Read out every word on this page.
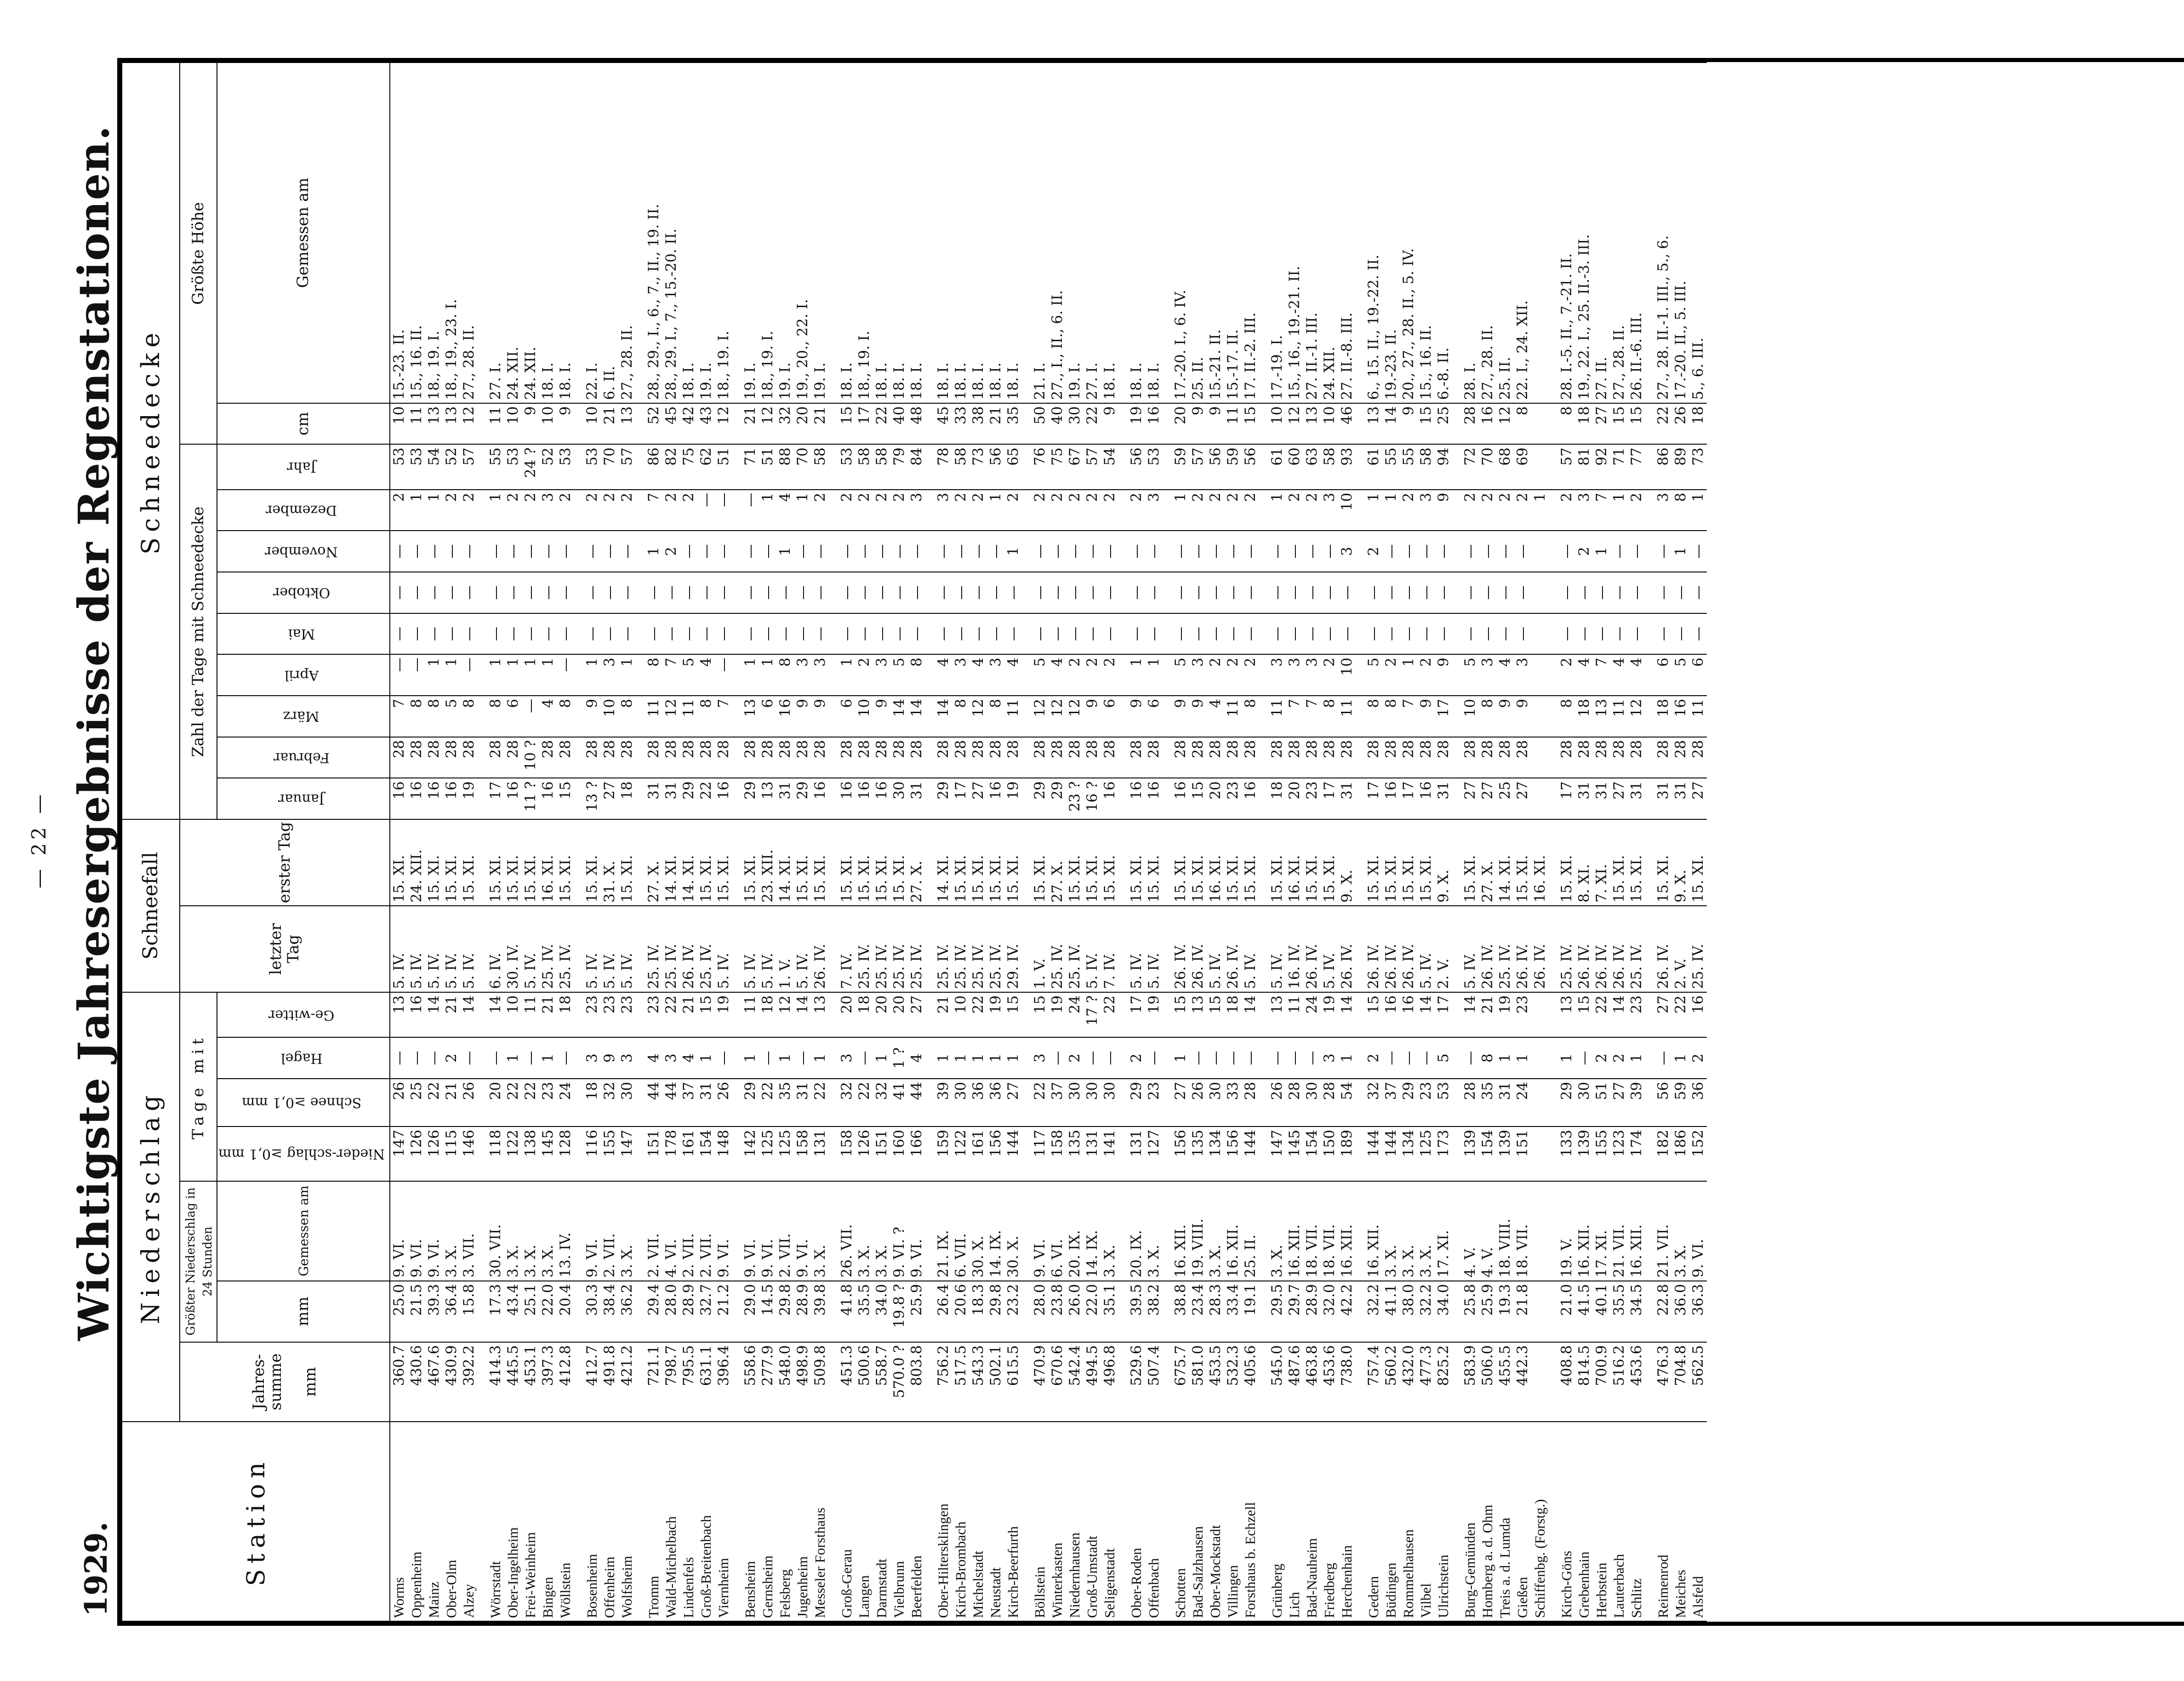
— 22 —
1929.
Wichtigste Jahresergebnisse der Regenstationen.
Station	Niederschlag							Schneefall		Schneedecke										
	Jahres-summe mm	Größter Niederschlag in 24 Stunden		Tage mit				letzter Tag	erster Tag	Zahl der Tage mit Schneedecke									Größte Höhe	
		mm	Gemessen am	Nieder-schlag ≥0,1 mm	Schnee ≥0,1 mm	Hagel	Ge-witter			Januar	Februar	März	April	Mai	Oktober	November	Dezember	Jahr	cm	Gemessen am
Worms	360.7	25.0	9. VI.	147	26	—	13	5. IV.	15. XI.	16	28	7	—	—	—	—	2	53	10	15.-23. II.
Oppenheim	430.6	21.5	9. VI.	126	25	—	16	5. IV.	24. XII.	16	28	8	—	—	—	—	1	53	11	15., 16. II.
Mainz	467.6	39.3	9. VI.	126	22	—	14	5. IV.	15. XI.	16	28	8	1	—	—	—	1	54	13	18., 19. I.
Ober-Olm	430.9	36.4	3. X.	115	21	2	21	5. IV.	15. XI.	16	28	5	1	—	—	—	2	52	13	18., 19., 23. I.
Alzey	392.2	15.8	3. VII.	146	26	—	14	5. IV.	15. XI.	19	28	8	—	—	—	—	2	57	12	27., 28. II.

Wörrstadt	414.3	17.3	30. VII.	118	20	—	14	6. IV.	15. XI.	17	28	8	1	—	—	—	1	55	11	27. I.
Ober-Ingelheim	445.5	43.4	3. X.	122	22	1	10	30. IV.	15. XI.	16	28	6	1	—	—	—	2	53	10	24. XII.
Frei-Weinheim	453.1	25.1	3. X.	138	22	—	11	5. IV.	15. XI.	11 ?	10 ?	—	1	—	—	—	2	24 ?	9	24. XII.
Bingen	397.3	22.0	3. X.	145	23	1	21	25. IV.	16. XI.	16	28	4	1	—	—	—	3	52	10	18. I.
Wöllstein	412.8	20.4	13. IV.	128	24	—	18	25. IV.	15. XI.	15	28	8	—	—	—	—	2	53	9	18. I.

Bosenheim	412.7	30.3	9. VI.	116	18	3	23	5. IV.	15. XI.	13 ?	28	9	1	—	—	—	2	53	10	22. I.
Offenheim	491.8	38.4	2. VII.	155	32	9	23	5. IV.	31. X.	27	28	10	3	—	—	—	2	70	21	6. II.
Wolfsheim	421.2	36.2	3. X.	147	30	3	23	5. IV.	15. XI.	18	28	8	1	—	—	—	2	57	13	27., 28. II.

Tromm	721.1	29.4	2. VII.	151	44	4	23	25. IV.	27. X.	31	28	11	8	—	—	1	7	86	52	28., 29., I., 6., 7., II., 19. II.
Wald-Michelbach	798.7	28.0	4. VI.	178	44	3	22	25. IV.	14. XI.	31	28	12	7	—	—	2	2	82	45	28., 29. I., 7., 15.-20. II.
Lindenfels	795.5	28.9	2. VII.	161	37	4	21	26. IV.	14. XI.	29	28	11	5	—	—	—	2	75	42	18. I.
Groß-Breitenbach	631.1	32.7	2. VII.	154	31	1	15	25. IV.	15. XI.	22	28	8	4	—	—	—	—	62	43	19. I.
Viernheim	396.4	21.2	9. VI.	148	26	—	19	5. IV.	15. XI.	16	28	7	—	—	—	—	—	51	12	18., 19. I.

Bensheim	558.6	29.0	9. VI.	142	29	1	11	5. IV.	15. XI.	29	28	13	1	—	—	—	—	71	21	19. I.
Gernsheim	277.9	14.5	9. VI.	125	22	—	18	5. IV.	23. XII.	13	28	6	1	—	—	—	1	51	12	18., 19. I.
Felsberg	548.0	29.8	2. VII.	125	35	1	12	1. V.	14. XI.	31	28	16	8	—	—	1	4	88	32	19. I.
Jugenheim	498.9	28.9	9. VI.	158	31	—	14	5. IV.	15. XI.	29	28	9	3	—	—	—	1	70	20	19., 20., 22. I.
Messeler Forsthaus	509.8	39.8	3. X.	131	22	1	13	26. IV.	15. XI.	16	28	9	3	—	—	—	2	58	21	19. I.

Groß-Gerau	451.3	41.8	26. VII.	158	32	3	20	7. IV.	15. XI.	16	28	6	1	—	—	—	2	53	15	18. I.
Langen	500.6	35.5	3. X.	126	22	—	18	25. IV.	15. XI.	16	28	10	2	—	—	—	2	58	17	18., 19. I.
Darmstadt	558.7	34.0	3. X.	151	32	1	20	25. IV.	15. XI.	16	28	9	3	—	—	—	2	58	22	18. I.
Vielbrunn	570.0 ?	19.8 ?	9. VI. ?	160	41	1 ?	20	25. IV.	15. XI.	30	28	14	5	—	—	—	2	79	40	18. I.
Beerfelden	803.8	25.9	9. VI.	166	44	4	27	25. IV.	27. X.	31	28	14	8	—	—	—	3	84	48	18. I.

Ober-Hiltersklingen	756.2	26.4	21. IX.	159	39	1	21	25. IV.	14. XI.	29	28	14	4	—	—	—	3	78	45	18. I.
Kirch-Brombach	517.5	20.6	6. VII.	122	30	1	10	25. IV.	15. XI.	17	28	8	3	—	—	—	2	58	33	18. I.
Michelstadt	543.3	18.3	30. X.	161	36	1	22	25. IV.	15. XI.	27	28	12	4	—	—	—	2	73	38	18. I.
Neustadt	502.1	29.8	14. IX.	156	36	1	19	25. IV.	15. XI.	16	28	8	3	—	—	—	1	56	21	18. I.
Kirch-Beerfurth	615.5	23.2	30. X.	144	27	1	15	29. IV.	15. XI.	19	28	11	4	—	—	1	2	65	35	18. I.

Böllstein	470.9	28.0	9. VI.	117	22	3	15	1. V.	15. XI.	29	28	12	5	—	—	—	2	76	50	21. I.
Winterkasten	670.6	23.8	6. VI.	158	37	—	19	25. IV.	27. X.	29	28	12	4	—	—	—	2	75	40	27., I., II., 6. II.
Niedernhausen	542.4	26.0	20. IX.	135	30	2	24	25. IV.	15. XI.	23 ?	28	12	2	—	—	—	2	67	30	19. I.
Groß-Umstadt	494.5	22.0	14. IX.	131	30	—	17 ?	5. IV.	15. XI.	16 ?	28	9	2	—	—	—	2	57	22	27. I.
Seligenstadt	496.8	35.1	3. X.	141	30	—	22	7. IV.	15. XI.	16	28	6	2	—	—	—	2	54	9	18. I.

Ober-Roden	529.6	39.5	20. IX.	131	29	2	17	5. IV.	15. XI.	16	28	9	1	—	—	—	2	56	19	18. I.
Offenbach	507.4	38.2	3. X.	127	23	—	19	5. IV.	15. XI.	16	28	6	1	—	—	—	3	53	16	18. I.

Schotten	675.7	38.8	16. XII.	156	27	1	15	26. IV.	15. XI.	16	28	9	5	—	—	—	1	59	20	17.-20. I., 6. IV.
Bad-Salzhausen	581.0	23.4	19. VIII.	135	26	—	13	26. IV.	15. XI.	15	28	9	3	—	—	—	2	57	9	25. II.
Ober-Mockstadt	453.5	28.3	3. X.	134	30	—	15	5. IV.	16. XI.	20	28	4	2	—	—	—	2	56	9	15.-21. II.
Villingen	532.3	33.4	16. XII.	156	33	—	18	26. IV.	15. XI.	23	28	11	2	—	—	—	2	59	11	15.-17. II.
Forsthaus b. Echzell	405.6	19.1	25. II.	144	28	—	14	5. IV.	15. XI.	16	28	8	2	—	—	—	2	56	15	17. II.-2. III.

Grünberg	545.0	29.5	3. X.	147	26	—	13	5. IV.	15. XI.	18	28	11	3	—	—	—	1	61	10	17.-19. I.
Lich	487.6	29.7	16. XII.	145	28	—	11	16. IV.	16. XI.	20	28	7	3	—	—	—	2	60	12	15., 16., 19.-21. II.
Bad-Nauheim	463.8	28.9	18. VII.	154	30	—	24	26. IV.	15. XI.	23	28	7	3	—	—	—	2	63	13	27. II.-1. III.
Friedberg	453.6	32.0	18. VII.	150	28	3	19	5. IV.	15. XI.	17	28	8	2	—	—	—	3	58	10	24. XII.
Herchenhain	738.0	42.2	16. XII.	189	54	1	14	26. IV.	9. X.	31	28	11	10	—	—	3	10	93	46	27. II.-8. III.

Gedern	757.4	32.2	16. XII.	144	32	2	15	26. IV.	15. XI.	17	28	8	5	—	—	2	1	61	13	6., 15. II., 19.-22. II.
Büdingen	560.2	41.1	3. X.	144	37	—	16	26. IV.	15. XI.	16	28	8	2	—	—	—	1	55	14	19.-23. II.
Rommelhausen	432.0	38.0	3. X.	134	29	—	16	26. IV.	15. XI.	17	28	7	1	—	—	—	2	55	9	20., 27., 28. II., 5. IV.
Vilbel	477.3	32.2	3. X.	125	23	—	14	5. IV.	15. XI.	16	28	9	2	—	—	—	3	58	15	15., 16. II.
Ulrichstein	825.2	34.0	17. XI.	173	53	5	17	2. V.	9. X.	31	28	17	9	—	—	—	9	94	25	6.-8. II.

Burg-Gemünden	583.9	25.8	4. V.	139	28	—	14	5. IV.	15. XI.	27	28	10	5	—	—	—	2	72	28	28. I.
Homberg a. d. Ohm	506.0	25.9	4. V.	154	35	8	21	26. IV.	27. X.	27	28	8	3	—	—	—	2	70	16	27., 28. II.
Treis a. d. Lumda	455.5	19.3	18. VIII.	139	31	1	19	25. IV.	14. XI.	25	28	9	4	—	—	—	2	68	12	25. II.
Gießen	442.3	21.8	18. VII.	151	24	1	23	26. IV.	15. XI.	27	28	9	3	—	—	—	2	69	8	22. I., 24. XII.
Schiffenbg. (Forstg.)								26. IV.	16. XI.								1			

Kirch-Göns	408.8	21.0	19. V.	133	29	1	13	25. IV.	15. XI.	17	28	8	2	—	—	—	2	57	8	28. I.-5. II., 7.-21. II.
Grebenhain	814.5	41.5	16. XII.	139	30	—	15	26. IV.	8. XI.	31	28	18	4	—	—	2	3	81	18	19., 22. I., 25. II.-3. III.
Herbstein	700.9	40.1	17. XI.	155	51	2	22	26. IV.	7. XI.	31	28	13	7	—	—	1	7	92	27	27. II.
Lauterbach	516.2	35.5	21. VII.	123	27	2	14	26. IV.	15. XI.	27	28	11	4	—	—	—	1	71	15	27., 28. II.
Schlitz	453.6	34.5	16. XII.	174	39	1	23	25. IV.	15. XI.	31	28	12	4	—	—	—	2	77	15	26. II.-6. III.

Reimenrod	476.3	22.8	21. VII.	182	56	—	27	26. IV.	15. XI.	31	28	18	6	—	—	—	3	86	22	27., 28. II.-1. III., 5., 6.
Meiches	704.8	36.0	3. X.	186	59	1	22	2. V.	9. X.	31	28	16	5	—	—	1	8	89	26	17.-20. II., 5. III.
Alsfeld	562.5	36.3	9. VI.	152	36	2	16	25. IV.	15. XI.	27	28	11	6	—	—	—	1	73	18	5., 6. III.
